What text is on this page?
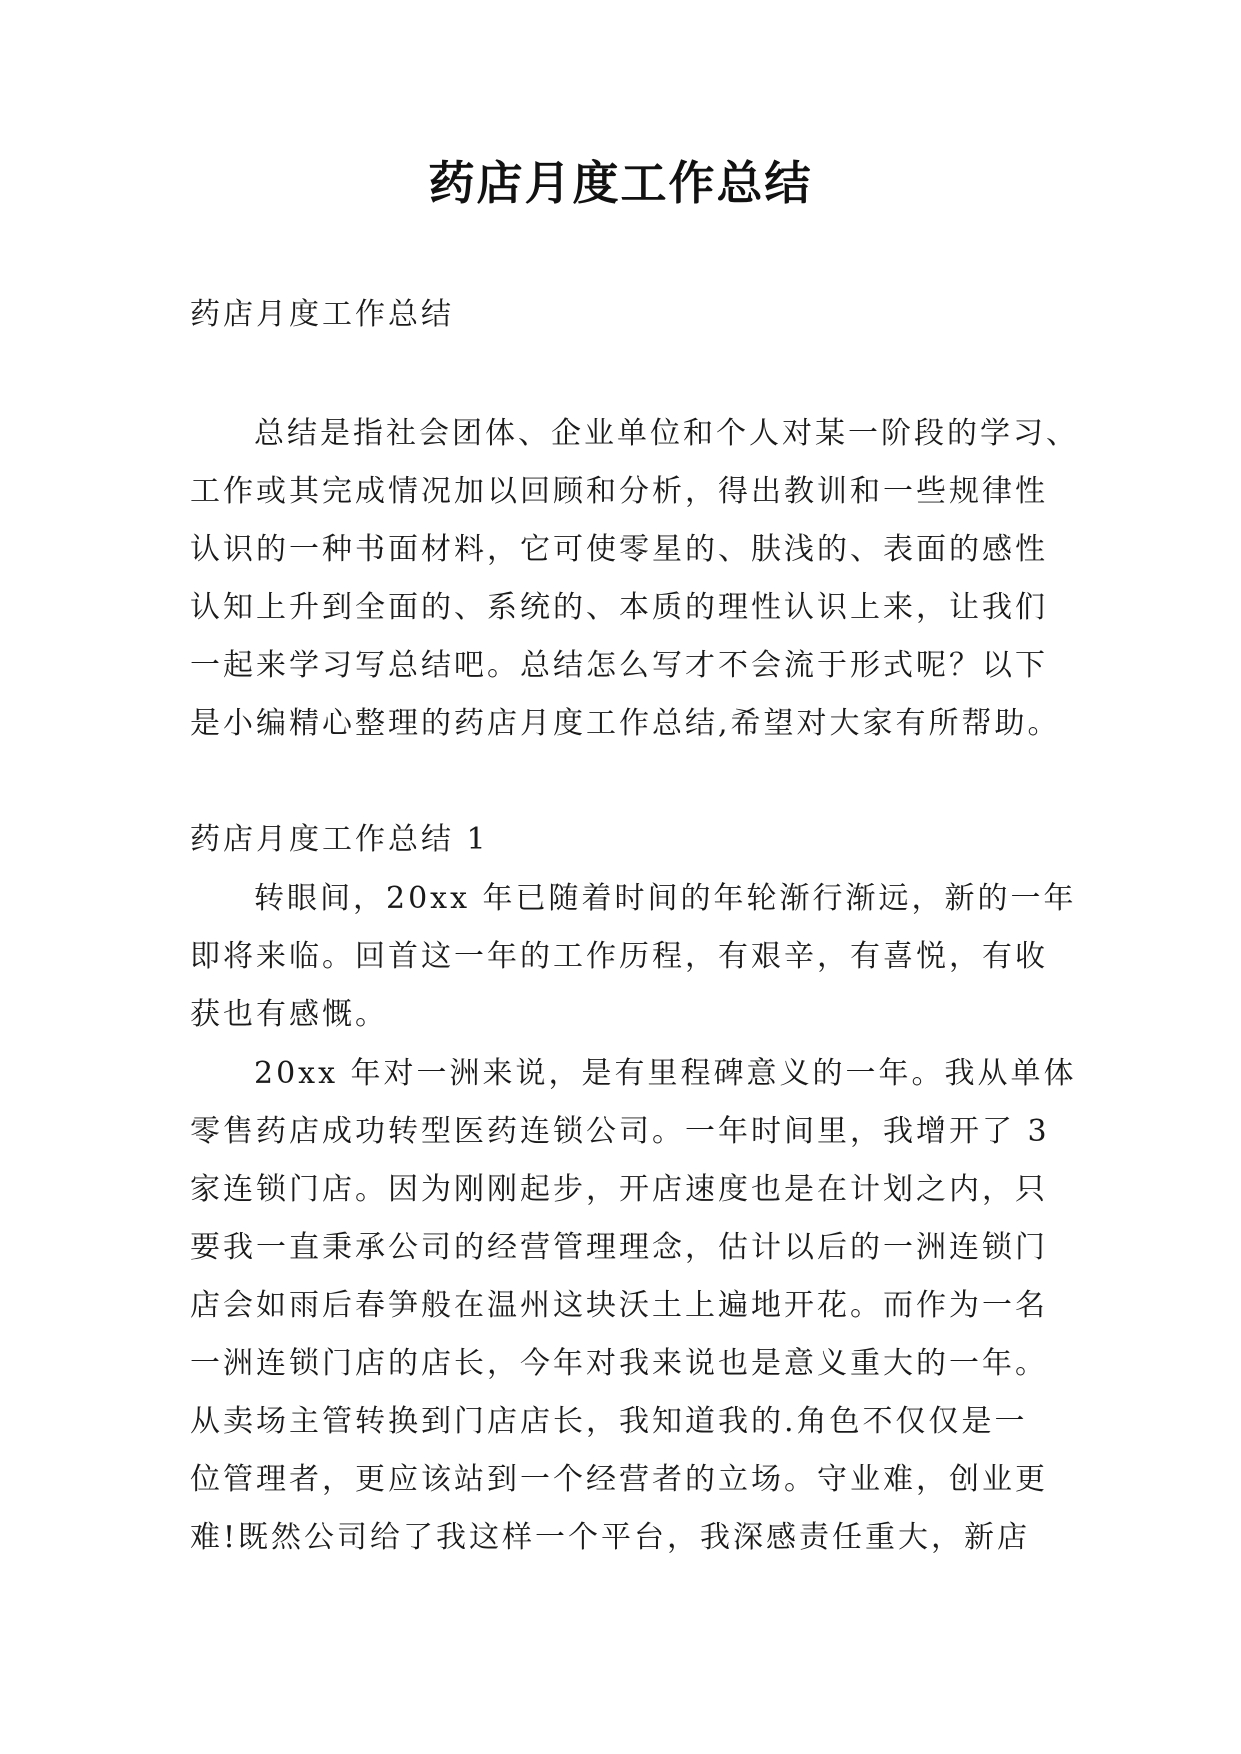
药店月度工作总结
药店月度工作总结

总结是指社会团体、企业单位和个人对某一阶段的学习、
工作或其完成情况加以回顾和分析，得出教训和一些规律性
认识的一种书面材料，它可使零星的、肤浅的、表面的感性
认知上升到全面的、系统的、本质的理性认识上来，让我们
一起来学习写总结吧。总结怎么写才不会流于形式呢？以下
是小编精心整理的药店月度工作总结,希望对大家有所帮助。

药店月度工作总结 1

转眼间，20xx 年已随着时间的年轮渐行渐远，新的一年
即将来临。回首这一年的工作历程，有艰辛，有喜悦，有收
获也有感慨。

20xx 年对一洲来说，是有里程碑意义的一年。我从单体
零售药店成功转型医药连锁公司。一年时间里，我增开了 3
家连锁门店。因为刚刚起步，开店速度也是在计划之内，只
要我一直秉承公司的经营管理理念，估计以后的一洲连锁门
店会如雨后春笋般在温州这块沃土上遍地开花。而作为一名
一洲连锁门店的店长，今年对我来说也是意义重大的一年。
从卖场主管转换到门店店长，我知道我的.角色不仅仅是一
位管理者，更应该站到一个经营者的立场。守业难，创业更
难!既然公司给了我这样一个平台，我深感责任重大，新店
